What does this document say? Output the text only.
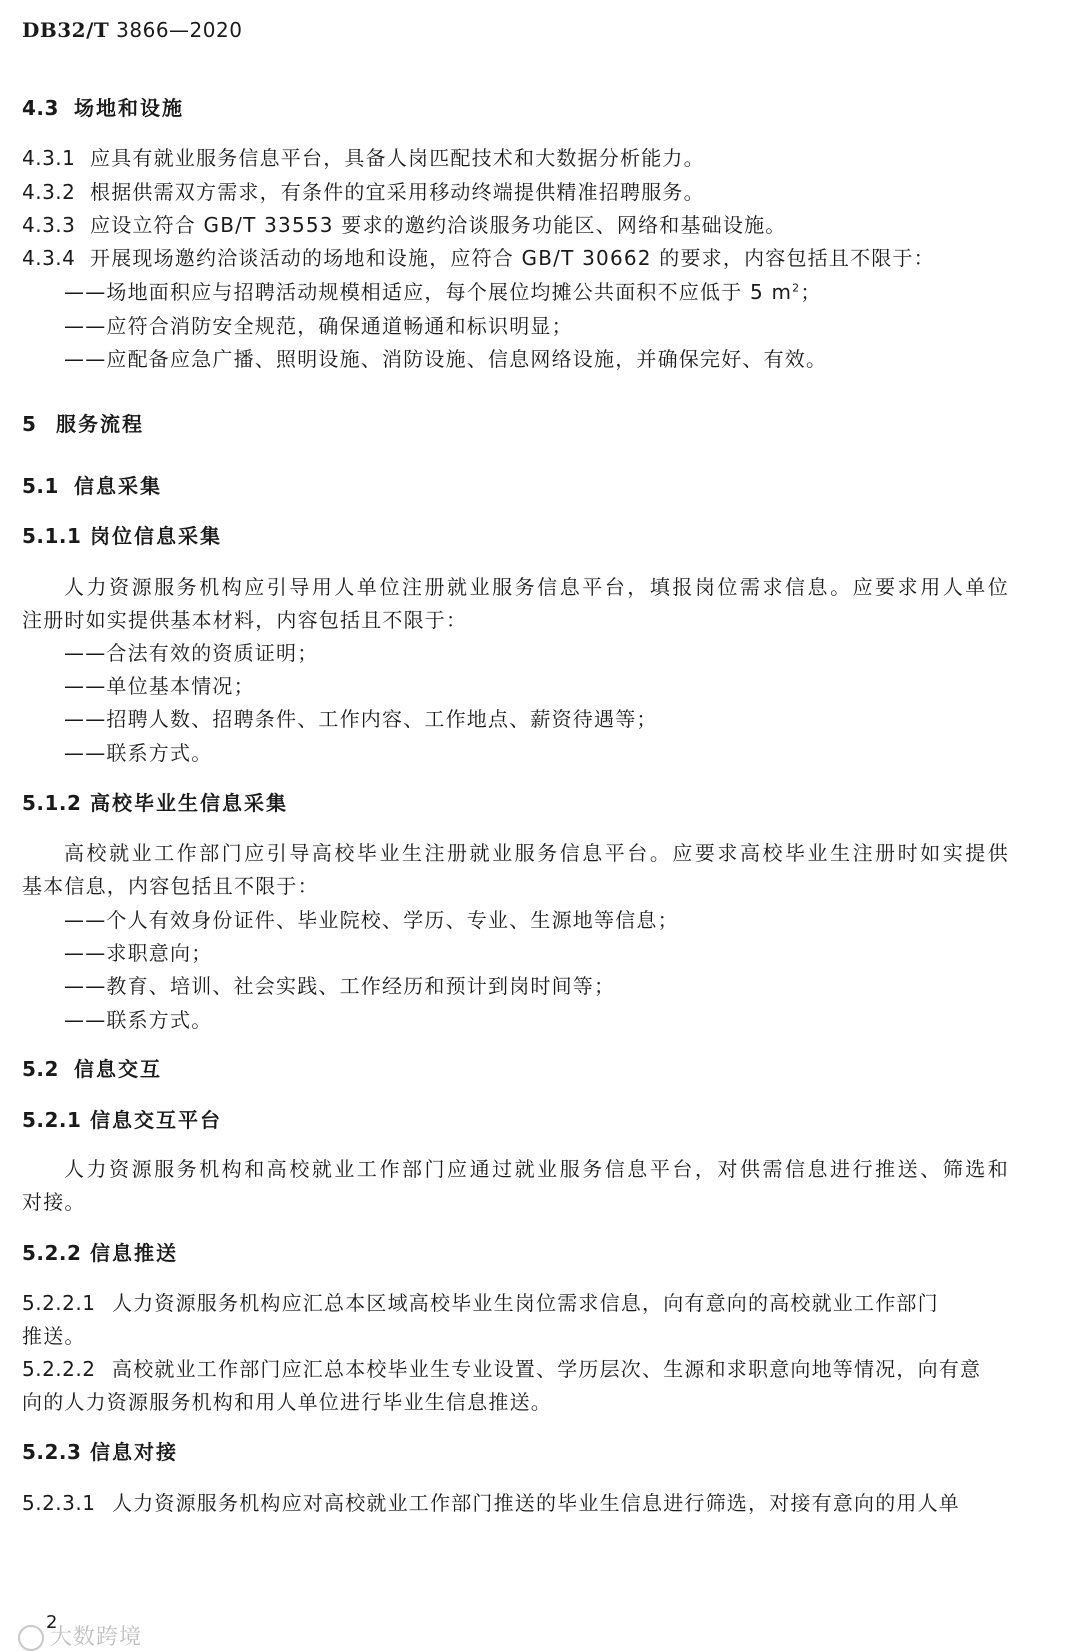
DB32/T 3866—2020
4.3 场地和设施
4.3.1 应具有就业服务信息平台，具备人岗匹配技术和大数据分析能力。
4.3.2 根据供需双方需求，有条件的宜采用移动终端提供精准招聘服务。
4.3.3 应设立符合 GB/T 33553 要求的邀约洽谈服务功能区、网络和基础设施。
4.3.4 开展现场邀约洽谈活动的场地和设施，应符合 GB/T 30662 的要求，内容包括且不限于：
——场地面积应与招聘活动规模相适应，每个展位均摊公共面积不应低于 5 $m^2$；
——应符合消防安全规范，确保通道畅通和标识明显；
——应配备应急广播、照明设施、消防设施、信息网络设施，并确保完好、有效。
5 服务流程
5.1 信息采集
5.1.1 岗位信息采集
人力资源服务机构应引导用人单位注册就业服务信息平台，填报岗位需求信息。应要求用人单位
注册时如实提供基本材料，内容包括且不限于：
——合法有效的资质证明；
——单位基本情况；
——招聘人数、招聘条件、工作内容、工作地点、薪资待遇等；
——联系方式。
5.1.2 高校毕业生信息采集
高校就业工作部门应引导高校毕业生注册就业服务信息平台。应要求高校毕业生注册时如实提供
基本信息，内容包括且不限于：
——个人有效身份证件、毕业院校、学历、专业、生源地等信息；
——求职意向；
——教育、培训、社会实践、工作经历和预计到岗时间等；
——联系方式。
5.2 信息交互
5.2.1 信息交互平台
人力资源服务机构和高校就业工作部门应通过就业服务信息平台，对供需信息进行推送、筛选和
对接。
5.2.2 信息推送
5.2.2.1 人力资源服务机构应汇总本区域高校毕业生岗位需求信息，向有意向的高校就业工作部门
推送。
5.2.2.2 高校就业工作部门应汇总本校毕业生专业设置、学历层次、生源和求职意向地等情况，向有意
向的人力资源服务机构和用人单位进行毕业生信息推送。
5.2.3 信息对接
5.2.3.1 人力资源服务机构应对高校就业工作部门推送的毕业生信息进行筛选，对接有意向的用人单
2
大数跨境
